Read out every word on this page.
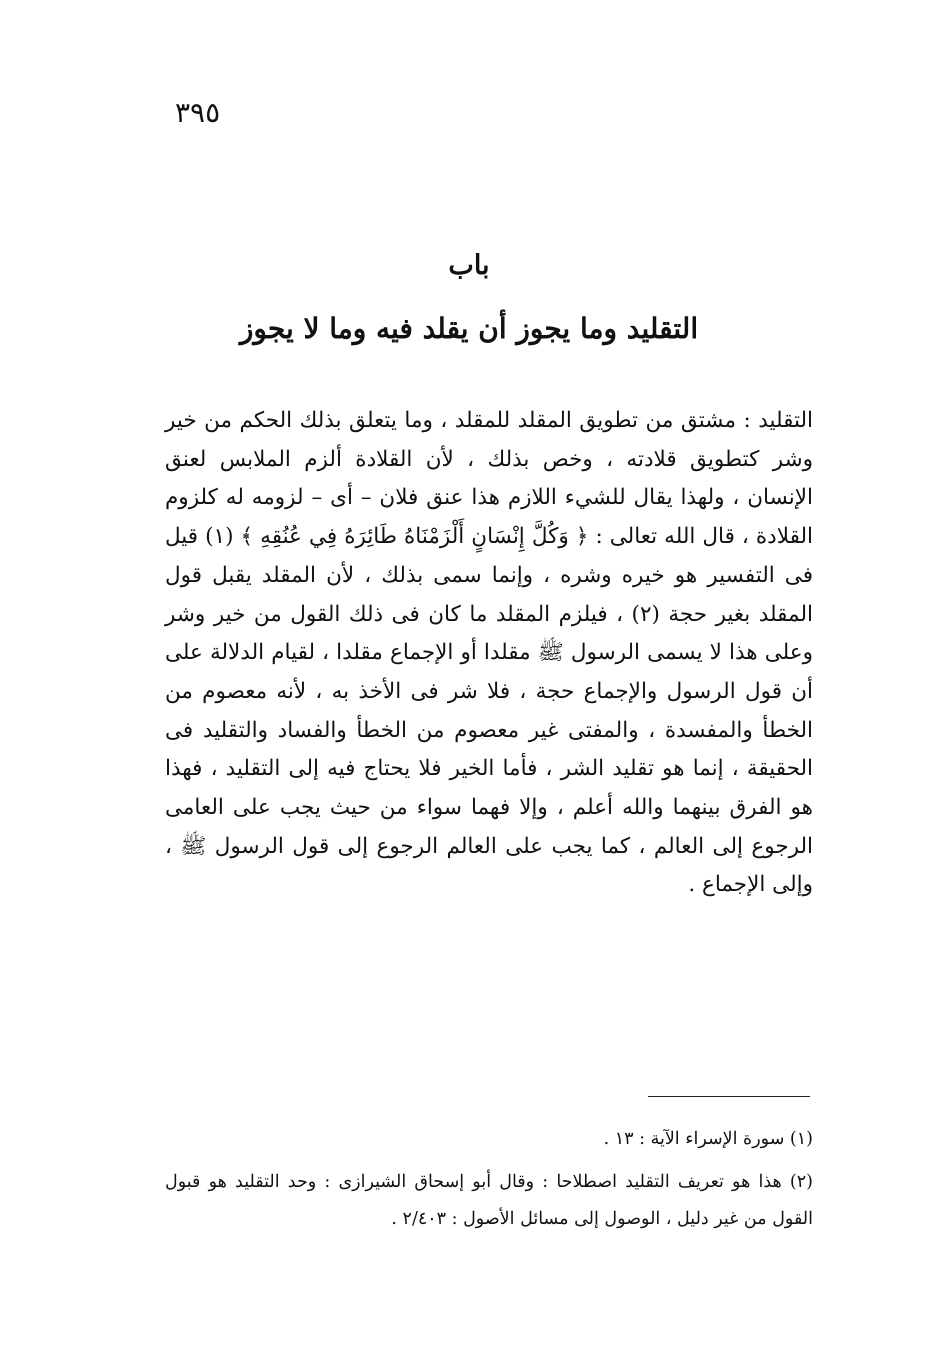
٣٩٥
باب
التقليد وما يجوز أن يقلد فيه وما لا يجوز

التقليد : مشتق من تطويق المقلد للمقلد ، وما يتعلق بذلك الحكم من خير وشر كتطويق قلادته ، وخص بذلك ، لأن القلادة ألزم الملابس لعنق الإنسان ، ولهذا يقال للشيء اللازم هذا عنق فلان – أى – لزومه له كلزوم القلادة ، قال الله تعالى : ﴿ وَكُلَّ إِنْسَانٍ أَلْزَمْنَاهُ طَائِرَهُ فِي عُنُقِهِ ﴾ (١) قيل فى التفسير هو خيره وشره ، وإنما سمى بذلك ، لأن المقلد يقبل قول المقلد بغير حجة (٢) ، فيلزم المقلد ما كان فى ذلك القول من خير وشر وعلى هذا لا يسمى الرسول ﷺ مقلدا أو الإجماع مقلدا ، لقيام الدلالة على أن قول الرسول والإجماع حجة ، فلا شر فى الأخذ به ، لأنه معصوم من الخطأ والمفسدة ، والمفتى غير معصوم من الخطأ والفساد والتقليد فى الحقيقة ، إنما هو تقليد الشر ، فأما الخير فلا يحتاج فيه إلى التقليد ، فهذا هو الفرق بينهما والله أعلم ، وإلا فهما سواء من حيث يجب على العامى الرجوع إلى العالم ، كما يجب على العالم الرجوع إلى قول الرسول ﷺ ، وإلى الإجماع .

(١) سورة الإسراء الآية : ١٣ .

(٢) هذا هو تعريف التقليد اصطلاحا : وقال أبو إسحاق الشيرازى : وحد التقليد هو قبول القول من غير دليل ، الوصول إلى مسائل الأصول : ٢/٤٠٣ .
